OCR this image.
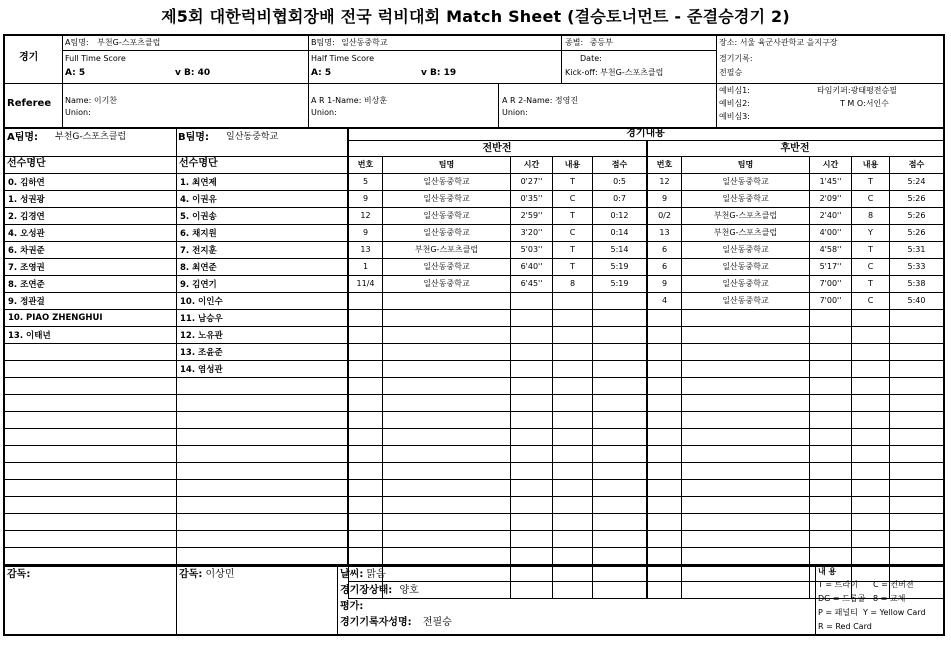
제5회 대한럭비협회장배 전국 럭비대회 Match Sheet (결승토너먼트 - 준결승경기 2)
경기
A팀명: 부천G-스포츠클럽	B팀명: 일산동중학교	종별: 중등부	장소: 서울 육군사관학교 을지구장
Full Time Score
A: 5	v B: 40
Half Time Score
A: 5	v B: 19
Date:
Kick-off: 부천G-스포츠클럽
경기기록:
전필승
Referee Name: 이기찬
Union:
A R 1-Name: 비상훈
Union:
A R 2-Name: 정영진
Union:
예비심1:
예비심2:
예비심3:
타임키퍼:광태평전승필
T M O:서인수
A팀명: 부천G-스포츠클럽	B팀명: 일산동중학교
선수명단	선수명단
0. 김하연
1. 성권광
2. 김경연
4. 오성관
6. 차권준
7. 조영권
8. 조연준
9. 정관걸
10. PIAO ZHENGHUI
13. 이태년

1. 최연제
4. 이권유
5. 이권송
6. 채지원
7. 전지훈
8. 최연준
9. 김연기
10. 이인수
11. 남승우
12. 노유관
13. 조윤준
14. 염성관

경기내용
전반전	후반전
번호	팀명	시간	내용	점수
5	일산동중학교	0'27''	T	0:5
9	일산동중학교	0'35''	C	0:7
12	일산동중학교	2'59''	T	0:12
9	일산동중학교	3'20''	C	0:14
13	부천G-스포츠클럽	5'03''	T	5:14
1	일산동중학교	6'40''	T	5:19
11/4	일산동중학교	6'45''	8	5:19

번호	팀명	시간	내용	점수
12	일산동중학교	1'45''	T	5:24
9	일산동중학교	2'09''	C	5:26
0/2	부천G-스포츠클럽	2'40''	8	5:26
13	부천G-스포츠클럽	4'00''	Y	5:26
6	일산동중학교	4'58''	T	5:31
6	일산동중학교	5'17''	C	5:33
9	일산동중학교	7'00''	T	5:38
4	일산동중학교	7'00''	C	5:40

감독:	감독: 이상민	날씨: 맑음
경기장상태: 양호
평가:
경기기록자성명: 전필승
내 용
T = 트라이 C = 컨버젼
DG = 드롭골 8 = 교체
P = 패널티 Y = Yellow Card
R = Red Card
